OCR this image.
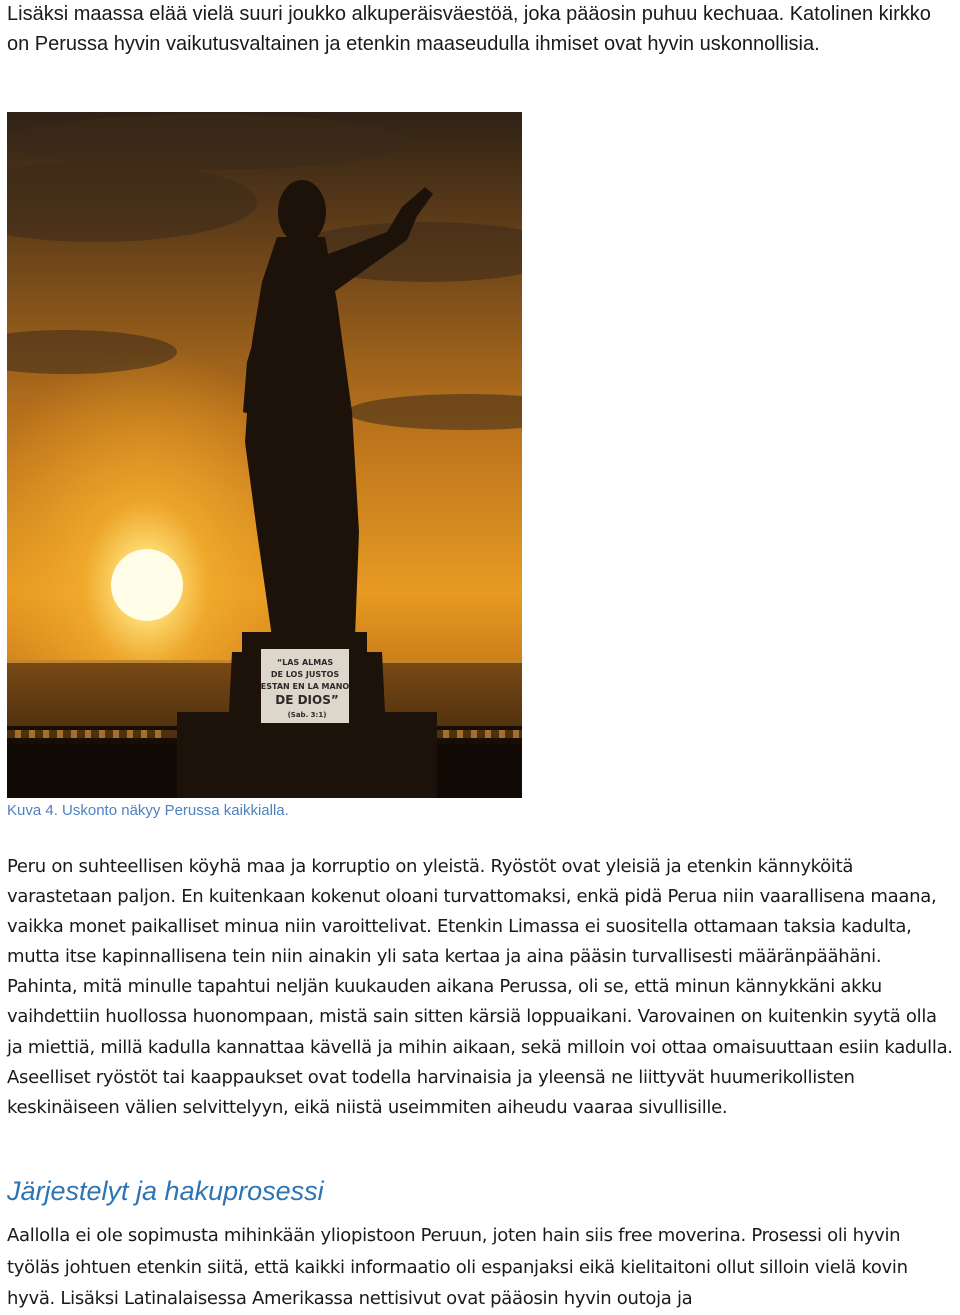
Lisäksi maassa elää vielä suuri joukko alkuperäisväestöä, joka pääosin puhuu kechuaa. Katolinen kirkko on Perussa hyvin vaikutusvaltainen ja etenkin maaseudulla ihmiset ovat hyvin uskonnollisia.

“LAS ALMAS
DE LOS JUSTOS
ESTAN EN LA MANO
DE DIOS”
(Sab. 3:1)

Kuva 4. Uskonto näkyy Perussa kaikkialla.

Peru on suhteellisen köyhä maa ja korruptio on yleistä. Ryöstöt ovat yleisiä ja etenkin kännyköitä varastetaan paljon. En kuitenkaan kokenut oloani turvattomaksi, enkä pidä Perua niin vaarallisena maana, vaikka monet paikalliset minua niin varoittelivat. Etenkin Limassa ei suositella ottamaan taksia kadulta, mutta itse kapinnallisena tein niin ainakin yli sata kertaa ja aina pääsin turvallisesti määränpäähäni. Pahinta, mitä minulle tapahtui neljän kuukauden aikana Perussa, oli se, että minun kännykkäni akku vaihdettiin huollossa huonompaan, mistä sain sitten kärsiä loppuaikani. Varovainen on kuitenkin syytä olla ja miettiä, millä kadulla kannattaa kävellä ja mihin aikaan, sekä milloin voi ottaa omaisuuttaan esiin kadulla. Aseelliset ryöstöt tai kaappaukset ovat todella harvinaisia ja yleensä ne liittyvät huumerikollisten keskinäiseen välien selvittelyyn, eikä niistä useimmiten aiheudu vaaraa sivullisille.

Järjestelyt ja hakuprosessi

Aallolla ei ole sopimusta mihinkään yliopistoon Peruun, joten hain siis free moverina. Prosessi oli hyvin työläs johtuen etenkin siitä, että kaikki informaatio oli espanjaksi eikä kielitaitoni ollut silloin vielä kovin hyvä. Lisäksi Latinalaisessa Amerikassa nettisivut ovat pääosin hyvin outoja ja
